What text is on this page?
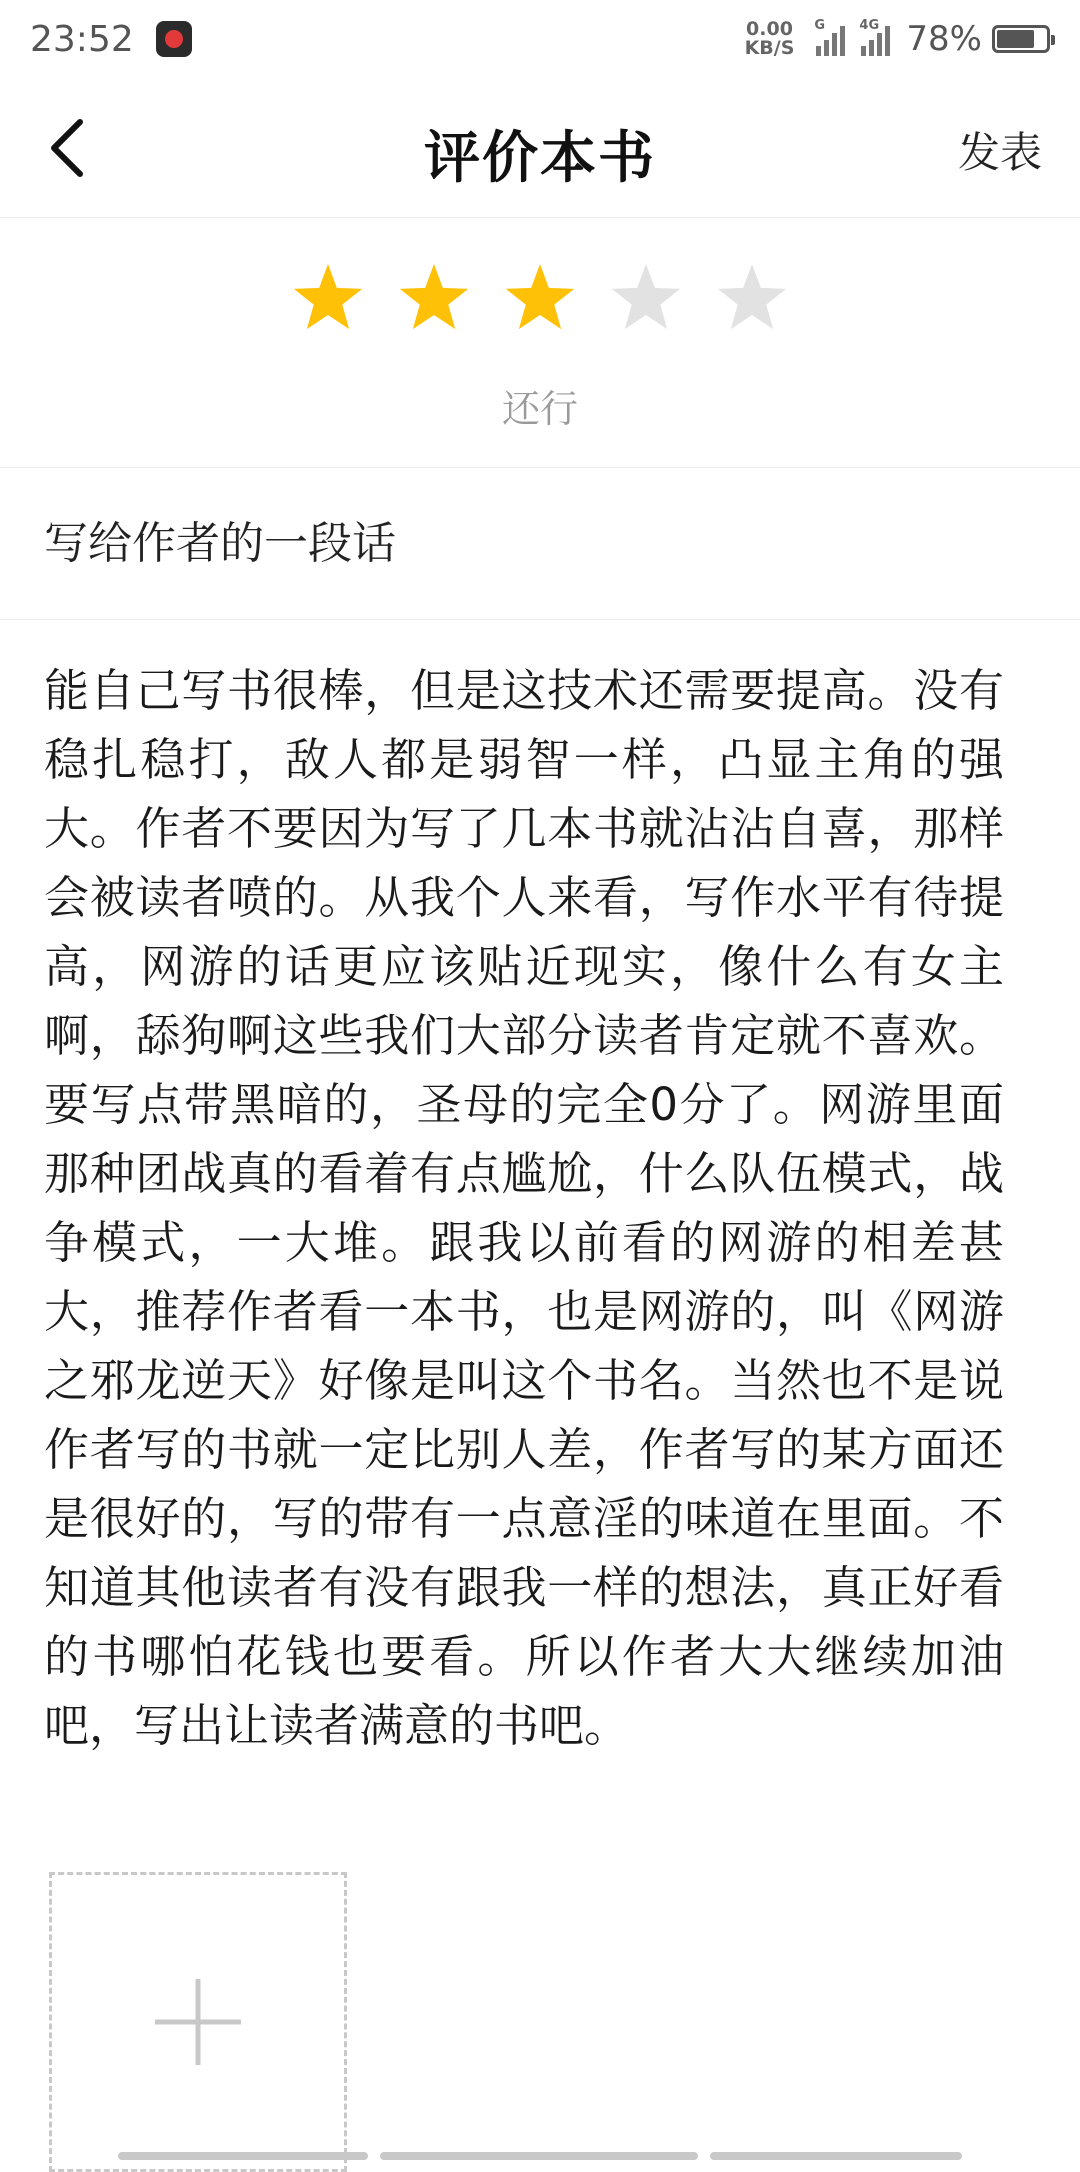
23:52	0.00
KB/S
G	4G 78%
评价本书	发表
还行
写给作者的一段话
能自己写书很棒，但是这技术还需要提高。没有稳扎稳打，敌人都是弱智一样，凸显主角的强大。作者不要因为写了几本书就沾沾自喜，那样会被读者喷的。从我个人来看，写作水平有待提高，网游的话更应该贴近现实，像什么有女主啊，舔狗啊这些我们大部分读者肯定就不喜欢。要写点带黑暗的，圣母的完全0分了。网游里面那种团战真的看着有点尴尬，什么队伍模式，战争模式，一大堆。跟我以前看的网游的相差甚大，推荐作者看一本书，也是网游的，叫《网游之邪龙逆天》好像是叫这个书名。当然也不是说作者写的书就一定比别人差，作者写的某方面还是很好的，写的带有一点意淫的味道在里面。不知道其他读者有没有跟我一样的想法，真正好看的书哪怕花钱也要看。所以作者大大继续加油吧，写出让读者满意的书吧。
